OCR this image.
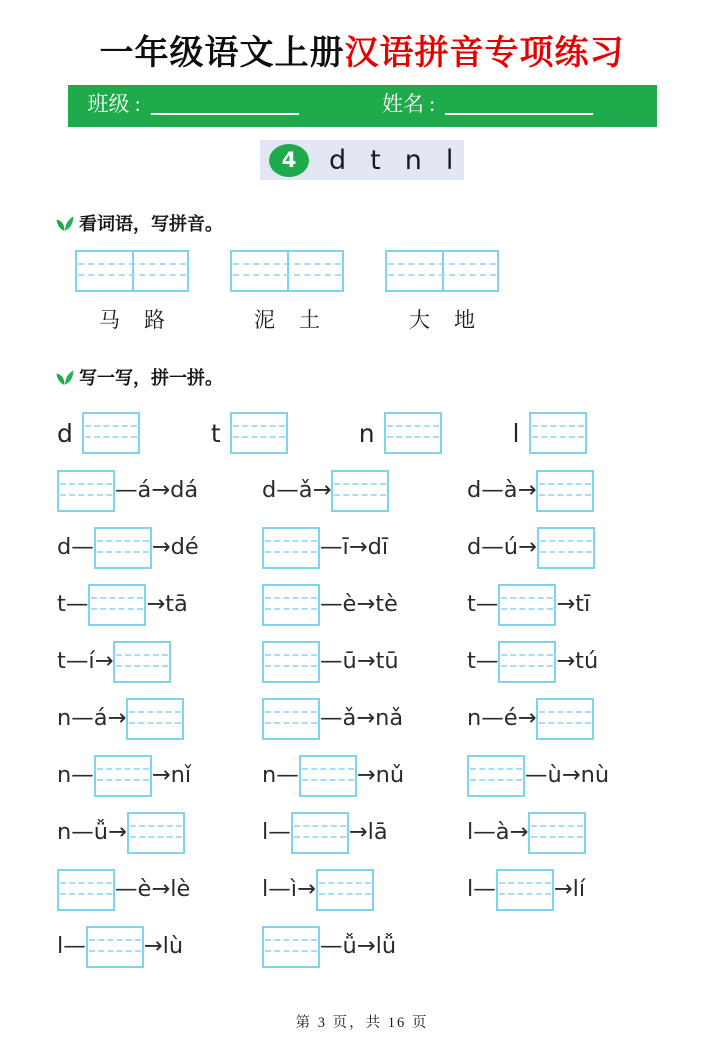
一年级语文上册汉语拼音专项练习
班级 :	姓名 :
4	d t n l
看词语，写拼音。
马 路	泥 土	大 地
写一写，拼一拼。
d	t	n	l
—á→dá	d—ǎ→	d—à→
d—	→dé	—ī→dī	d—ú→
t—	→tā	—è→tè	t—	→tī
t—í→	—ū→tū	t—	→tú
n—á→	—ǎ→nǎ	n—é→
n—	→nǐ	n—	→nǔ	—ù→nù
n—ǚ→	l—	→lā	l—à→
—è→lè	l—ì→	l—	→lí
l—	→lù	—ǚ→lǚ
第 3 页，共 16 页
